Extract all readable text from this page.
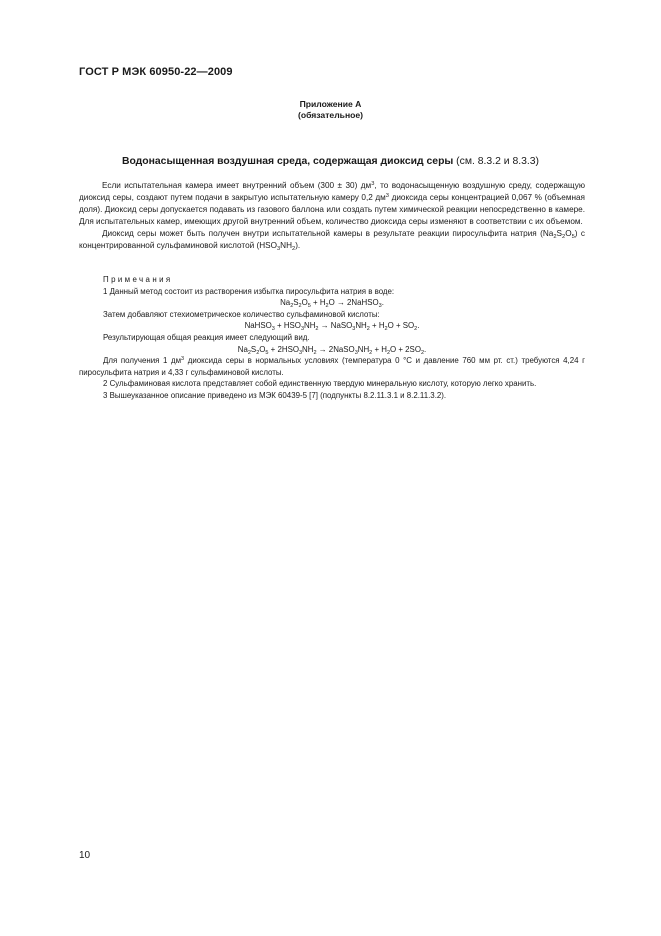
ГОСТ Р МЭК 60950-22—2009
Приложение А
(обязательное)
Водонасыщенная воздушная среда, содержащая диоксид серы (см. 8.3.2 и 8.3.3)

Если испытательная камера имеет внутренний объем (300 ± 30) $дм^3$, то водонасыщенную воздушную среду, содержащую диоксид серы, создают путем подачи в закрытую испытательную камеру 0,2 $дм^3$ диоксида серы концентрацией 0,067 % (объемная доля). Диоксид серы допускается подавать из газового баллона или создать путем химической реакции непосредственно в камере. Для испытательных камер, имеющих другой внутренний объем, количество диоксида серы изменяют в соответствии с их объемом.

Диоксид серы может быть получен внутри испытательной камеры в результате реакции пиросульфита натрия $(Na_2S_2O_5)$ с концентрированной сульфаминовой кислотой $(HSO_3NH_2)$.

Примечания

1 Данный метод состоит из растворения избытка пиросульфита натрия в воде:

$Na_2S_2O_5 + H_2O$ → 2NaHSO$_3$.

Затем добавляют стехиометрическое количество сульфаминовой кислоты:

NaHSO$_3$ + $HSO_3NH_2$ → $NaSO_3NH_2 + H_2O + SO_2$.

Результирующая общая реакция имеет следующий вид.

$Na_2S_2O_5 + 2HSO_3NH_2$ → $2NaSO_3NH_2 + H_2O + 2SO_2$.

Для получения 1 $дм^3$ диоксида серы в нормальных условиях (температура 0 °С и давление 760 мм рт. ст.) требуются 4,24 г пиросульфита натрия и 4,33 г сульфаминовой кислоты.

2 Сульфаминовая кислота представляет собой единственную твердую минеральную кислоту, которую легко хранить.

3 Вышеуказанное описание приведено из МЭК 60439-5 [7] (подпункты 8.2.11.3.1 и 8.2.11.3.2).

10
